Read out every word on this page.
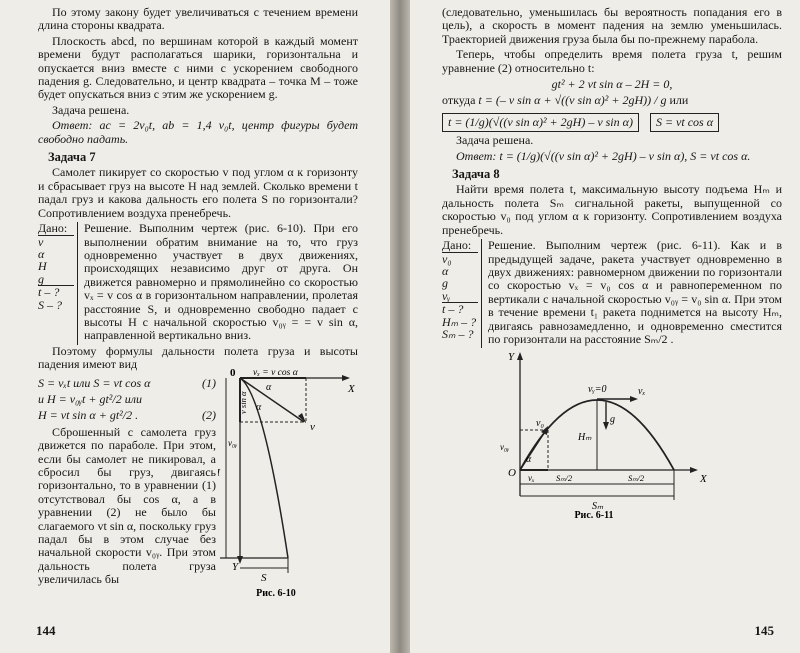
По этому закону будет увеличиваться с течением времени длина стороны квадрата.

Плоскость abcd, по вершинам которой в каждый момент времени будут располагаться шарики, горизонтальна и опускается вниз вместе с ними с ускорением свободного падения g. Следовательно, и центр квадрата – точка M – тоже будет опускаться вниз с этим же ускорением g.

Задача решена.

Ответ: ac = 2v₀t, ab = 1,4 v₀t, центр фигуры будет свободно падать.

Задача 7

Самолет пикирует со скоростью v под углом α к горизонту и сбрасывает груз на высоте H над землей. Сколько времени t падал груз и какова дальность его полета S по горизонтали? Сопротивлением воздуха пренебречь.

Дано:
v
α
H
g
t – ?
S – ?

Решение. Выполним чертеж (рис. 6-10). При его выполнении обратим внимание на то, что груз одновременно участвует в двух движениях, происходящих независимо друг от друга. Он движется равномерно и прямолинейно со скоростью vₓ = v cos α в горизонтальном направлении, пролетая расстояние S, и одновременно свободно падает с высоты H с начальной скоростью v₀ᵧ = = v sin α, направленной вертикально вниз.

Поэтому формулы дальности полета груза и высоты падения имеют вид

S = vₓt или S = vt cos α	(1)
и H = v₀ᵧt + gt²/2 или
H = vt sin α + gt²/2 .	(2)

Сброшенный с самолета груз движется по параболе. При этом, если бы самолет не пикировал, а сбросил бы груз, двигаясь горизонтально, то в уравнении (1) отсутствовал бы cos α, а в уравнении (2) не было бы слагаемого vt sin α, поскольку груз падал бы в этом случае без начальной скорости v₀ᵧ. При этом дальность полета груза увеличилась бы

0 vₓ = v cos α
X
Y
α
α
v
v₀ᵧ
v sin α
S
Рис. 6-10
144

(следовательно, уменьшилась бы вероятность попадания его в цель), а скорость в момент падения на землю уменьшилась. Траекторией движения груза была бы по-прежнему парабола.

Теперь, чтобы определить время полета груза t, решим уравнение (2) относительно t:

gt² + 2 vt sin α – 2H = 0,
откуда t = (– v sin α + √((v sin α)² + 2gH)) / g или
t = (1/g)(√((v sin α)² + 2gH) – v sin α) S = vt cos α

Задача решена.

Ответ: t = (1/g)(√((v sin α)² + 2gH) – v sin α), S = vt cos α.

Задача 8

Найти время полета t, максимальную высоту подъема Hₘ и дальность полета Sₘ сигнальной ракеты, выпущенной со скоростью v₀ под углом α к горизонту. Сопротивлением воздуха пренебречь.

Дано:
v₀
α
g
vᵧ
t – ?
Hₘ – ?
Sₘ – ?

Решение. Выполним чертеж (рис. 6-11). Как и в предыдущей задаче, ракета участвует одновременно в двух движениях: равномерном движении по горизонтали со скоростью vₓ = v₀ cos α и равнопеременном по вертикали с начальной скоростью v₀ᵧ = v₀ sin α. При этом в течение времени t₁ ракета поднимется на высоту Hₘ, двигаясь равнозамедленно, и одновременно сместится по горизонтали на расстояние Sₘ/2 .

Y
X
O
vᵧ=0	vₓ
v₀
v₀ᵧ
α
Hₘ
g
vₓ	Sₘ/2	Sₘ/2
Sₘ
Рис. 6-11
145
